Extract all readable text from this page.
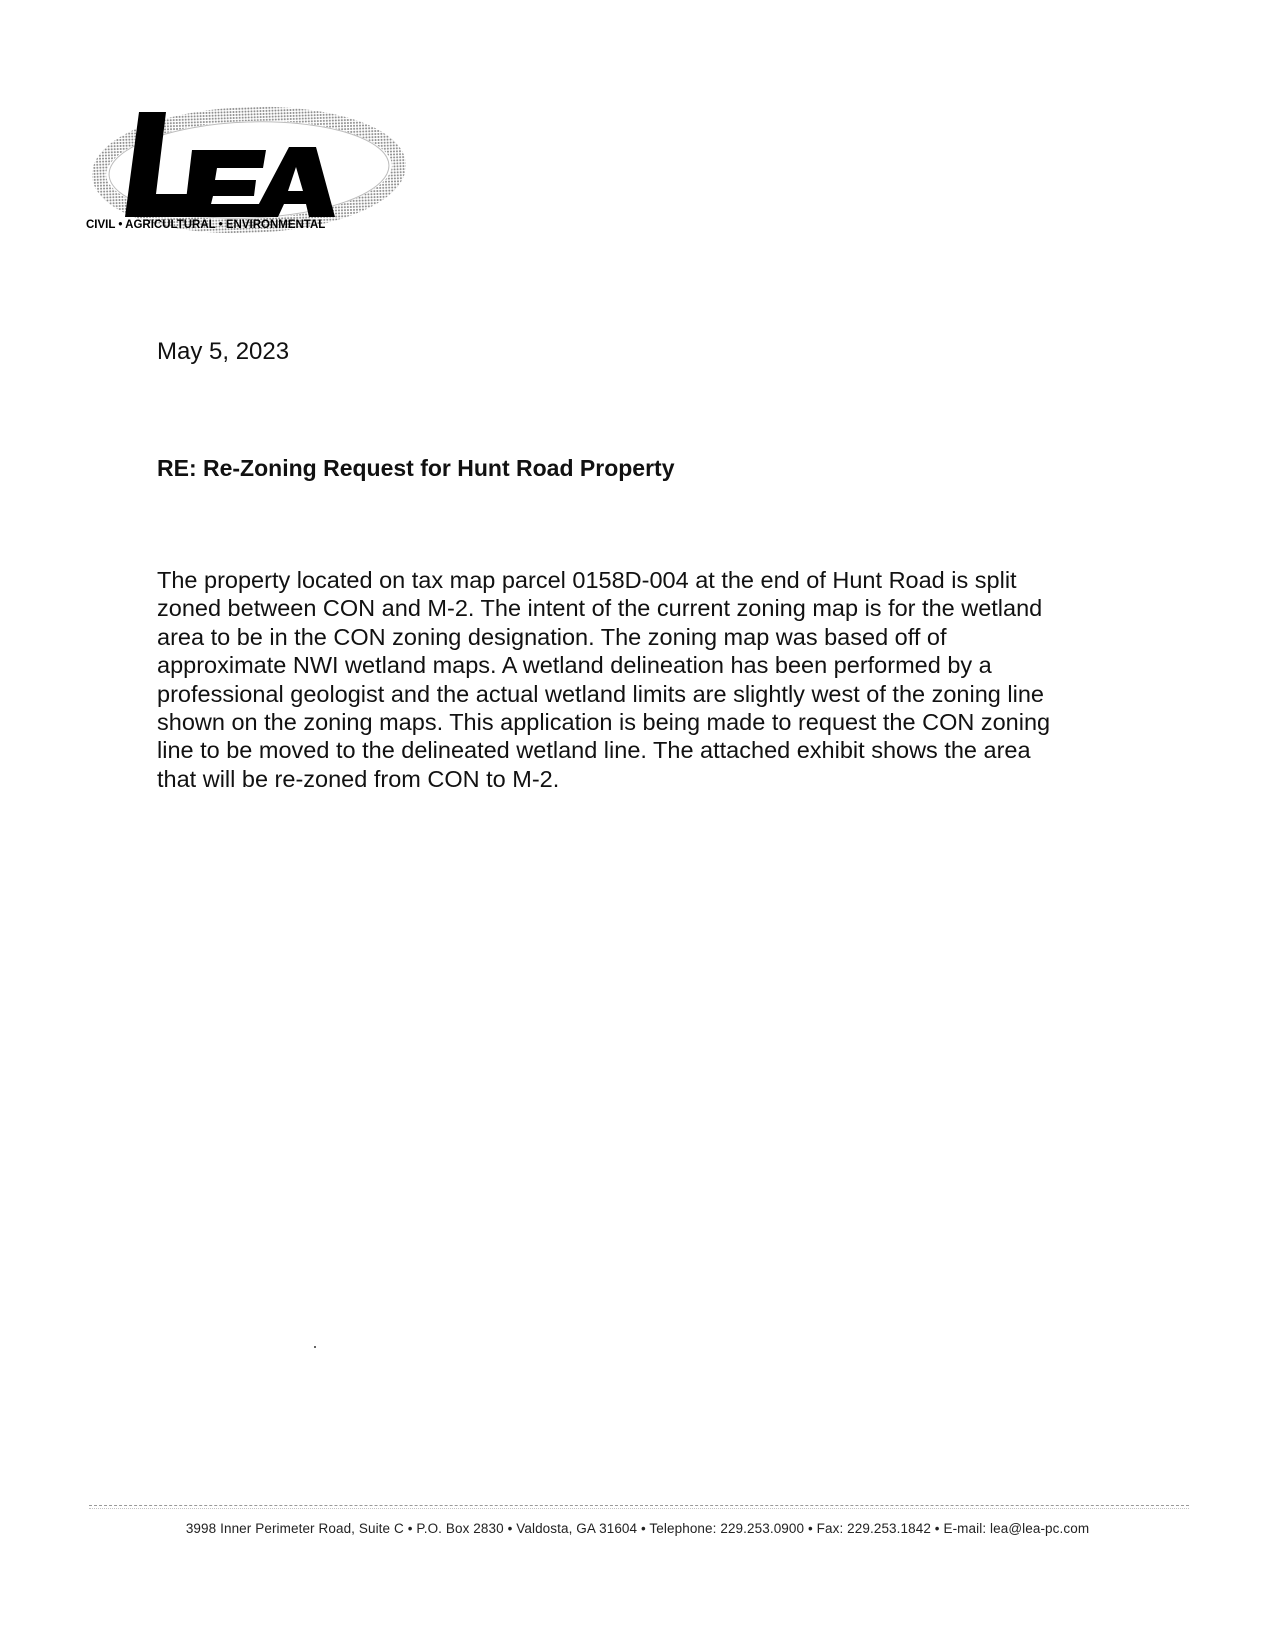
CIVIL • AGRICULTURAL • ENVIRONMENTAL

May 5, 2023

RE: Re-Zoning Request for Hunt Road Property

The property located on tax map parcel 0158D-004 at the end of Hunt Road is split
zoned between CON and M-2. The intent of the current zoning map is for the wetland
area to be in the CON zoning designation. The zoning map was based off of
approximate NWI wetland maps. A wetland delineation has been performed by a
professional geologist and the actual wetland limits are slightly west of the zoning line
shown on the zoning maps. This application is being made to request the CON zoning
line to be moved to the delineated wetland line. The attached exhibit shows the area
that will be re-zoned from CON to M-2.

3998 Inner Perimeter Road, Suite C • P.O. Box 2830 • Valdosta, GA 31604 • Telephone: 229.253.0900 • Fax: 229.253.1842 • E-mail: lea@lea-pc.com
